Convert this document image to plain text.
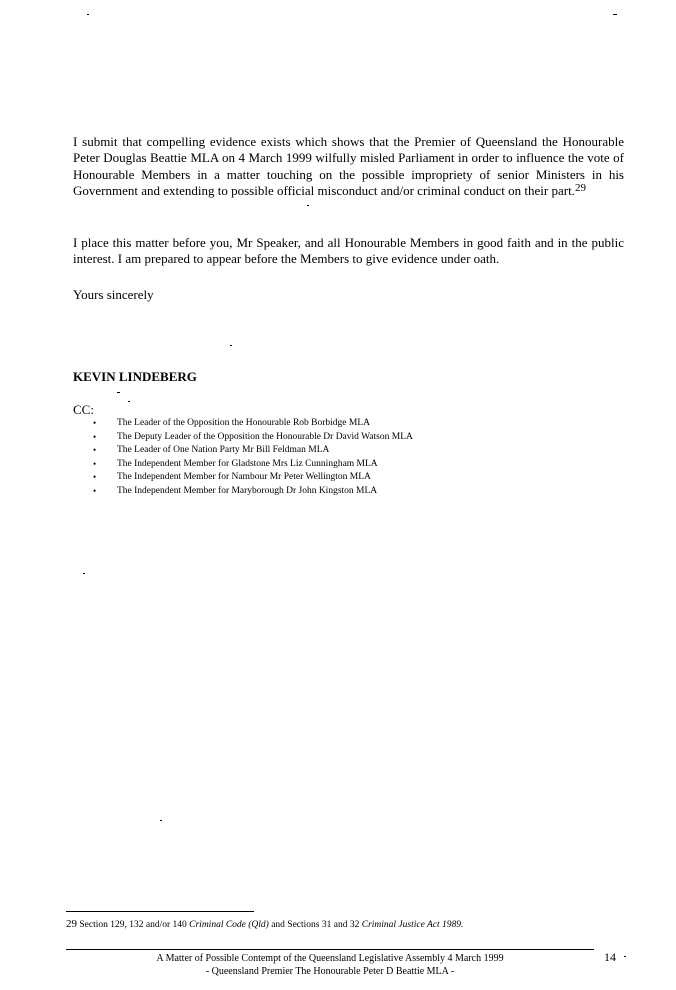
I submit that compelling evidence exists which shows that the Premier of Queensland the Honourable Peter Douglas Beattie MLA on 4 March 1999 wilfully misled Parliament in order to influence the vote of Honourable Members in a matter touching on the possible impropriety of senior Ministers in his Government and extending to possible official misconduct and/or criminal conduct on their part.$^{29}$

I place this matter before you, Mr Speaker, and all Honourable Members in good faith and in the public interest. I am prepared to appear before the Members to give evidence under oath.

Yours sincerely
KEVIN LINDEBERG
CC:
• The Leader of the Opposition the Honourable Rob Borbidge MLA
• The Deputy Leader of the Opposition the Honourable Dr David Watson MLA
• The Leader of One Nation Party Mr Bill Feldman MLA
• The Independent Member for Gladstone Mrs Liz Cunningham MLA
• The Independent Member for Nambour Mr Peter Wellington MLA
• The Independent Member for Maryborough Dr John Kingston MLA
29 Section 129, 132 and/or 140 Criminal Code (Qld) and Sections 31 and 32 Criminal Justice Act 1989.
A Matter of Possible Contempt of the Queensland Legislative Assembly 4 March 1999
- Queensland Premier The Honourable Peter D Beattie MLA -
14
